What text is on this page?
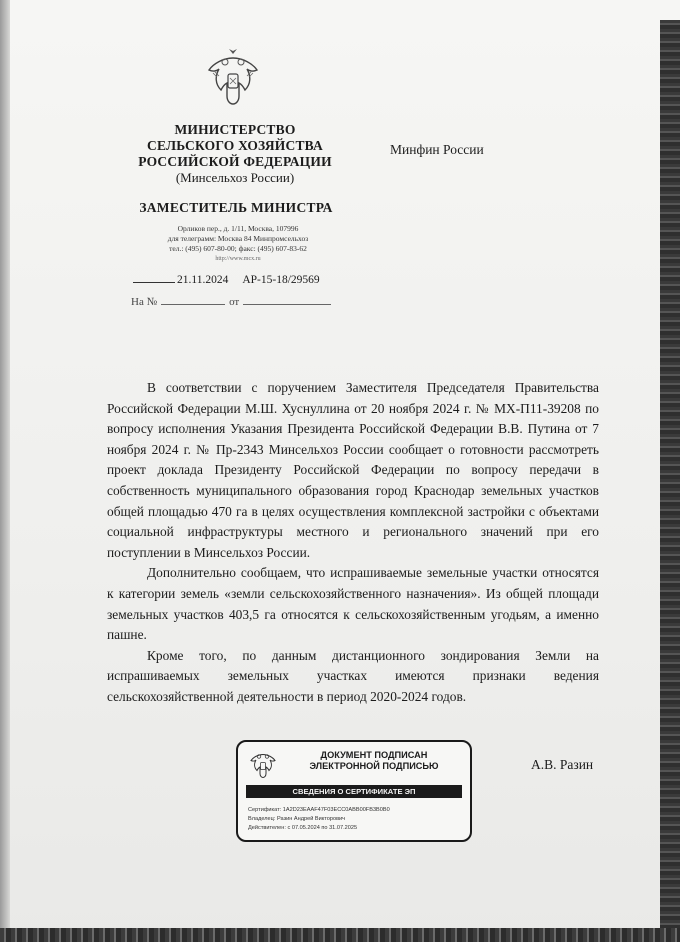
МИНИСТЕРСТВО
СЕЛЬСКОГО ХОЗЯЙСТВА
РОССИЙСКОЙ ФЕДЕРАЦИИ
(Минсельхоз России)
ЗАМЕСТИТЕЛЬ МИНИСТРА
Орликов пер., д. 1/11, Москва, 107996
для телеграмм: Москва 84 Минпромсельхоз
тел.: (495) 607-80-00; факс: (495) 607-83-62
http://www.mcx.ru
21.11.2024 АР-15-18/29569
На №	от
Минфин России

В соответствии с поручением Заместителя Председателя Правительства Российской Федерации М.Ш. Хуснуллина от 20 ноября 2024 г. № МХ-П11-39208 по вопросу исполнения Указания Президента Российской Федерации В.В. Путина от 7 ноября 2024 г. № Пр-2343 Минсельхоз России сообщает о готовности рассмотреть проект доклада Президенту Российской Федерации по вопросу передачи в собственность муниципального образования город Краснодар земельных участков общей площадью 470 га в целях осуществления комплексной застройки с объектами социальной инфраструктуры местного и регионального значений при его поступлении в Минсельхоз России.

Дополнительно сообщаем, что испрашиваемые земельные участки относятся к категории земель «земли сельскохозяйственного назначения». Из общей площади земельных участков 403,5 га относятся к сельскохозяйственным угодьям, а именно пашне.

Кроме того, по данным дистанционного зондирования Земли на испрашиваемых земельных участках имеются признаки ведения сельскохозяйственной деятельности в период 2020-2024 годов.

ДОКУМЕНТ ПОДПИСАН
ЭЛЕКТРОННОЙ ПОДПИСЬЮ
СВЕДЕНИЯ О СЕРТИФИКАТЕ ЭП
Сертификат: 1A2D23EAAF47F03ECC0ABB00FB3B0B0
Владелец: Разин Андрей Викторович
Действителен: с 07.05.2024 по 31.07.2025
А.В. Разин
